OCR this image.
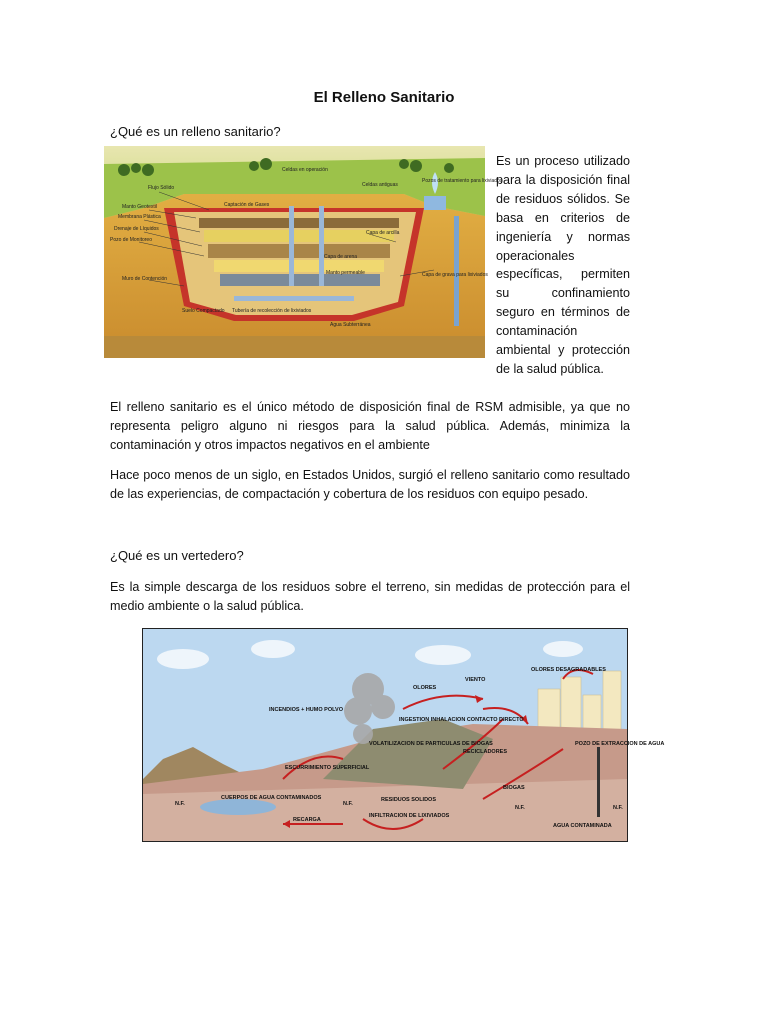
El Relleno Sanitario
¿Qué es un relleno sanitario?
Celdas en operación
Celdas antiguas
Pozos de tratamiento para lixiviados
Flujo Sólido
Captación de Gases
Manto Geotextil
Membrana Plástica
Drenaje de Líquidos
Pozo de Monitoreo
Capa de arcilla
Capa de arena
Manto permeable	Capa de grava para lixiviados
Muro de Contención
Suelo Compactado Tubería de recolección de lixiviados
Agua Subterránea
Es un proceso utilizado para la disposición final de residuos sólidos. Se basa en criterios de ingeniería y normas operacionales específicas, permiten su confinamiento seguro en términos de contaminación ambiental y protección de la salud pública.
El relleno sanitario es el único método de disposición final de RSM admisible, ya que no representa peligro alguno ni riesgos para la salud pública. Además, minimiza la contaminación y otros impactos negativos en el ambiente
Hace poco menos de un siglo, en Estados Unidos, surgió el relleno sanitario como resultado de las experiencias, de compactación y cobertura de los residuos con equipo pesado.
¿Qué es un vertedero?
Es la simple descarga de los residuos sobre el terreno, sin medidas de protección para el medio ambiente o la salud pública.
OLORES DESAGRADABLES
OLORES
VIENTO
INCENDIOS + HUMO POLVO
INGESTION INHALACION CONTACTO DIRECTO
VOLATILIZACION DE PARTICULAS DE BIOGAS
RECICLADORES
POZO DE EXTRACCION DE AGUA
ESCURRIMIENTO SUPERFICIAL
CUERPOS DE AGUA CONTAMINADOS	RESIDUOS SOLIDOS
BIOGAS
N.F.	N.F.
N.F.	N.F.
RECARGA
INFILTRACION DE LIXIVIADOS
AGUA CONTAMINADA
